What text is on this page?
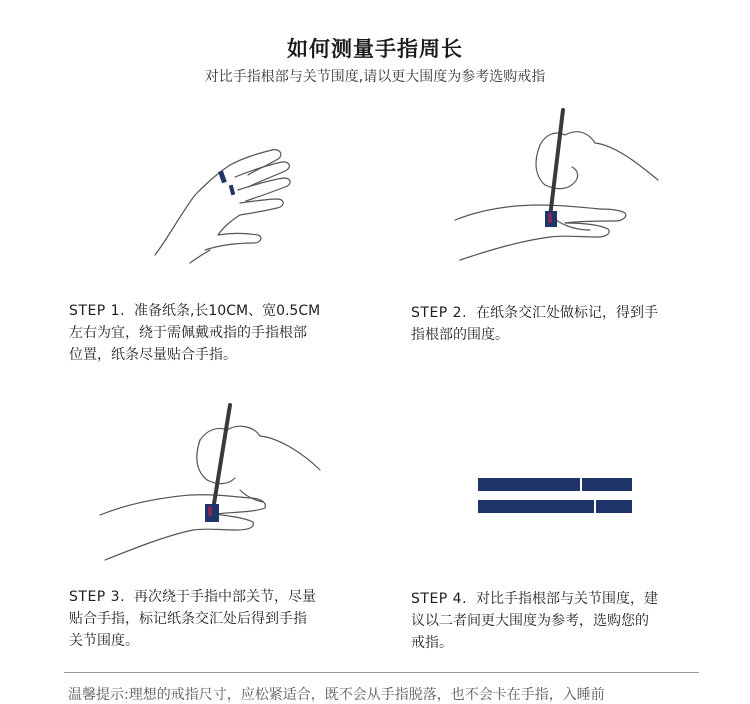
如何测量手指周长
对比手指根部与关节围度,请以更大围度为参考选购戒指
STEP 1. 准备纸条,长10CM、宽0.5CM
左右为宜，绕于需佩戴戒指的手指根部
位置，纸条尽量贴合手指。
STEP 2. 在纸条交汇处做标记，得到手
指根部的围度。
STEP 3. 再次绕于手指中部关节，尽量
贴合手指，标记纸条交汇处后得到手指
关节围度。
STEP 4. 对比手指根部与关节围度，建
议以二者间更大围度为参考，选购您的
戒指。
温馨提示:理想的戒指尺寸，应松紧适合，既不会从手指脱落，也不会卡在手指，入睡前
